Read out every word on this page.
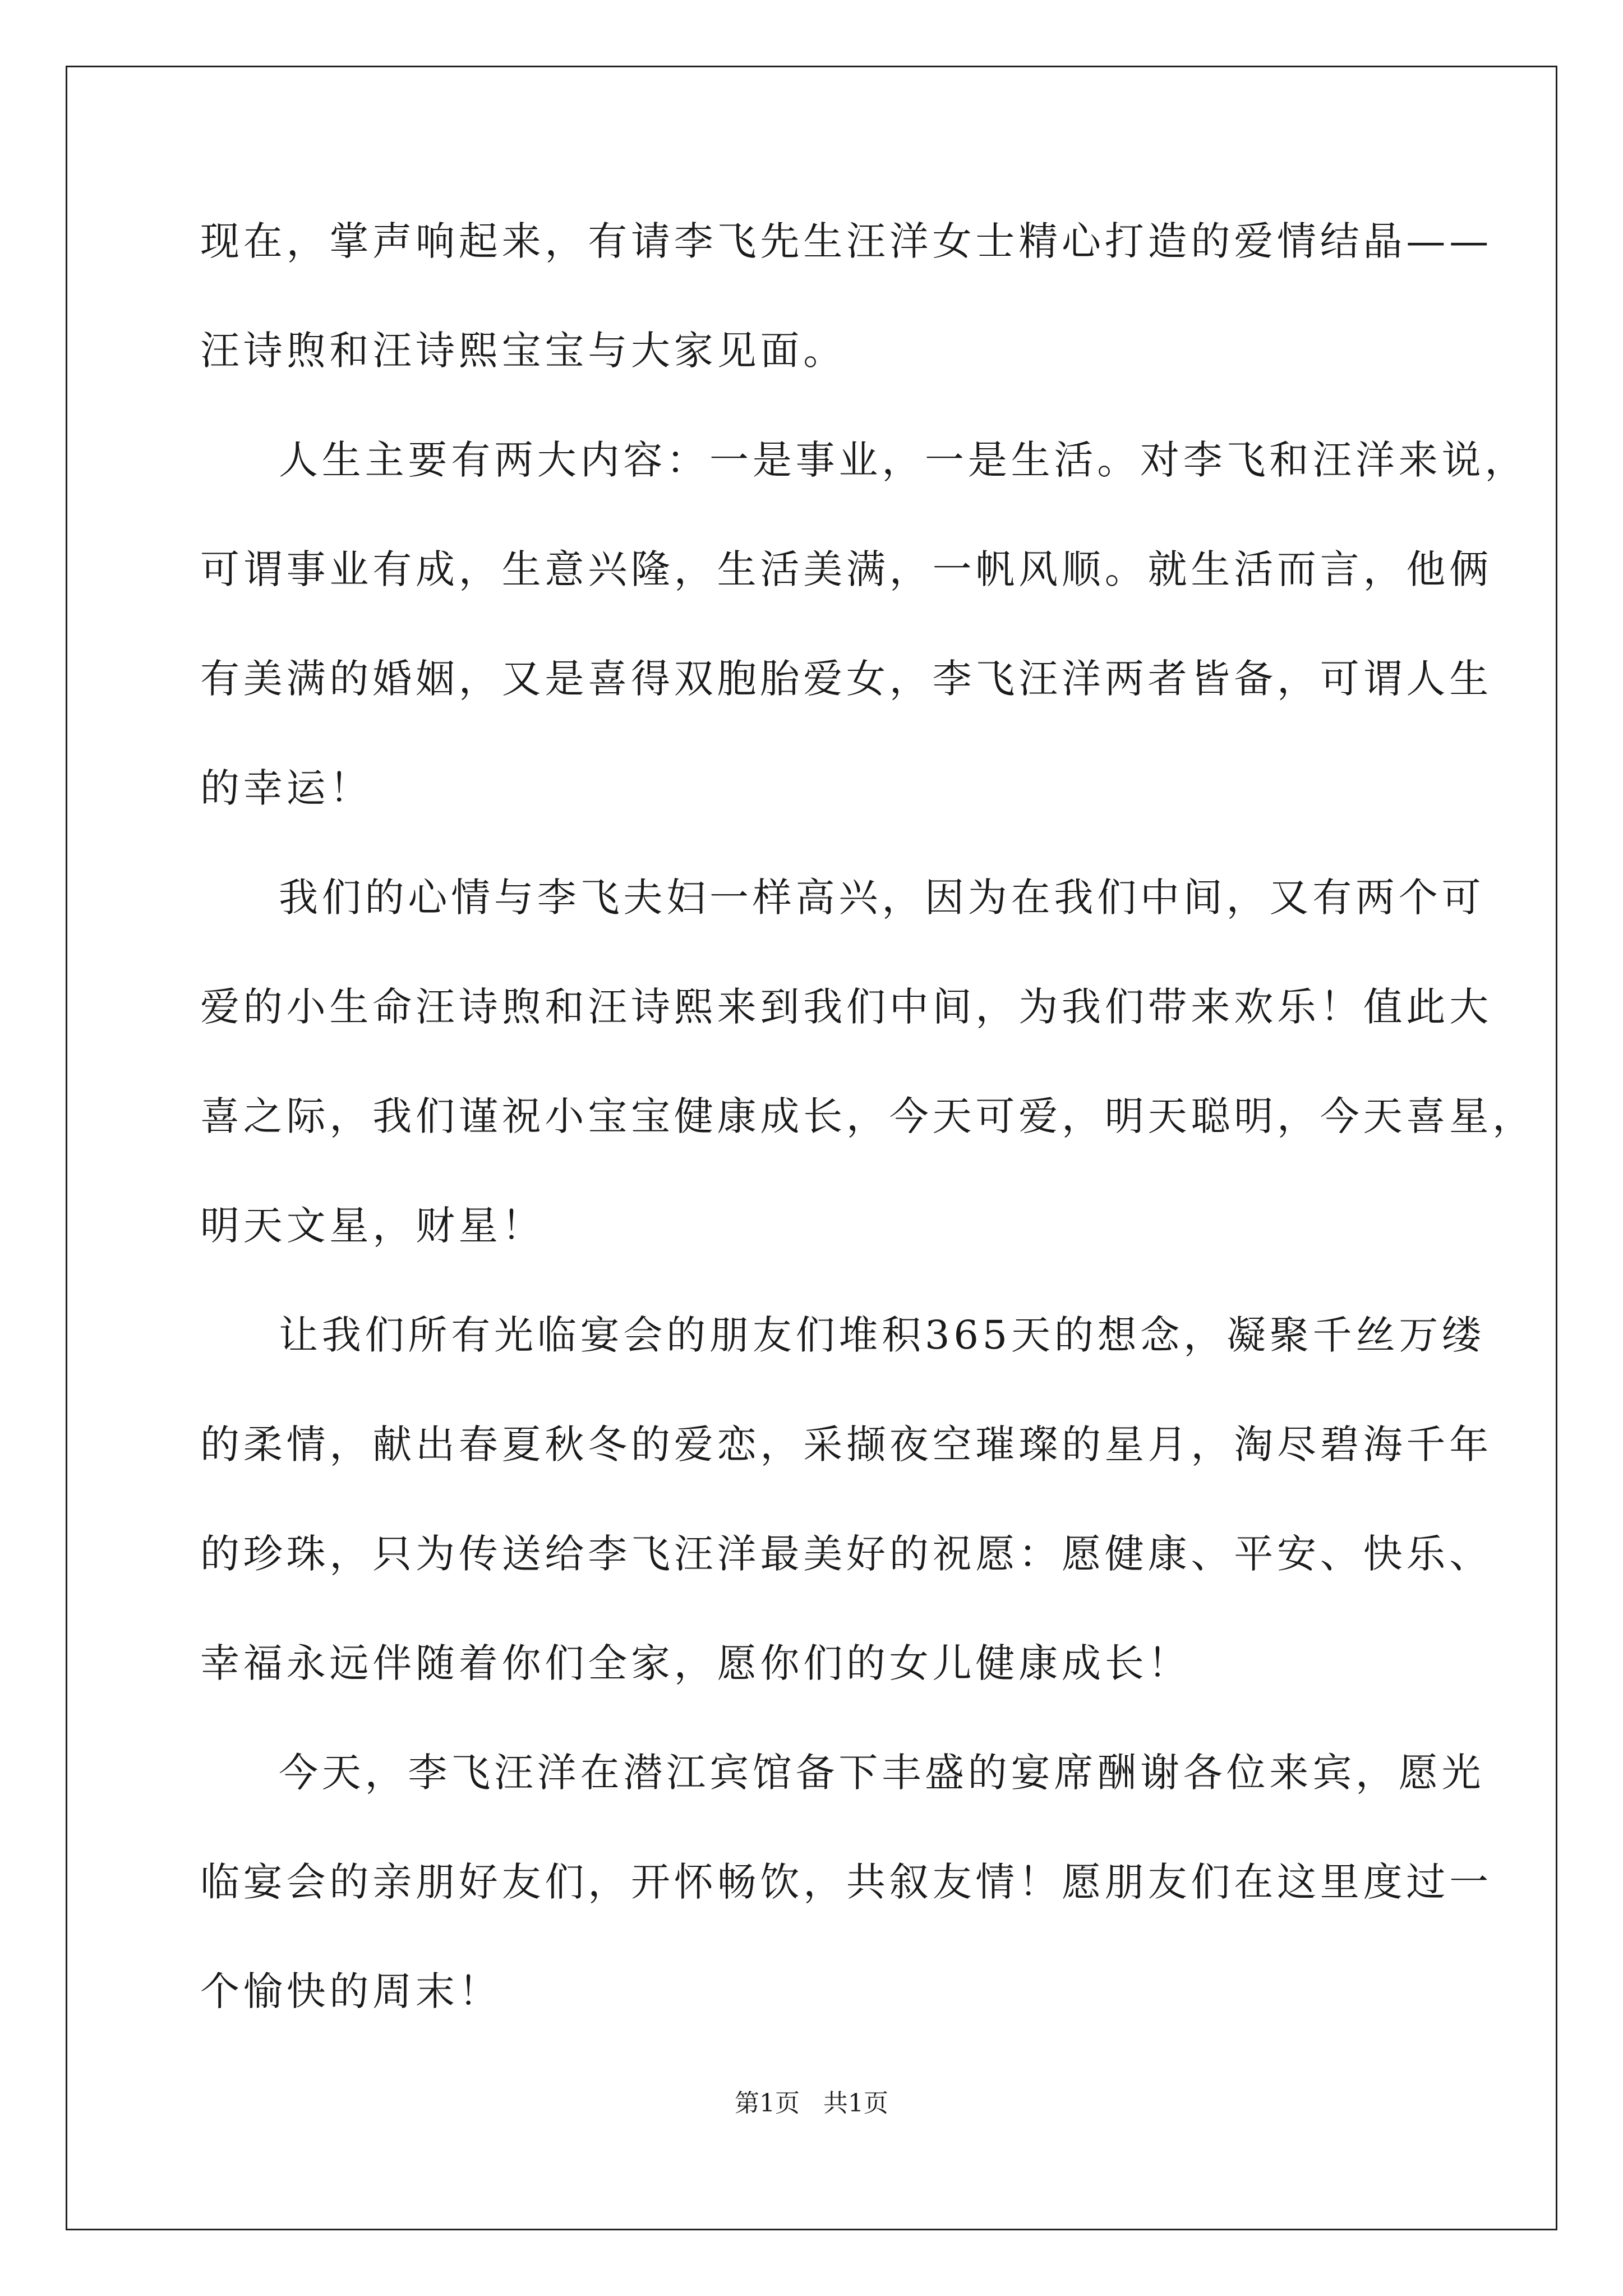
现在，掌声响起来，有请李飞先生汪洋女士精心打造的爱情结晶——
汪诗煦和汪诗熙宝宝与大家见面。
人生主要有两大内容：一是事业，一是生活。对李飞和汪洋来说，
可谓事业有成，生意兴隆，生活美满，一帆风顺。就生活而言，他俩
有美满的婚姻，又是喜得双胞胎爱女，李飞汪洋两者皆备，可谓人生
的幸运！
我们的心情与李飞夫妇一样高兴，因为在我们中间，又有两个可
爱的小生命汪诗煦和汪诗熙来到我们中间，为我们带来欢乐！值此大
喜之际，我们谨祝小宝宝健康成长，今天可爱，明天聪明，今天喜星，
明天文星，财星！
让我们所有光临宴会的朋友们堆积365天的想念，凝聚千丝万缕
的柔情，献出春夏秋冬的爱恋，采撷夜空璀璨的星月，淘尽碧海千年
的珍珠，只为传送给李飞汪洋最美好的祝愿：愿健康、平安、快乐、
幸福永远伴随着你们全家，愿你们的女儿健康成长！
今天，李飞汪洋在潜江宾馆备下丰盛的宴席酬谢各位来宾，愿光
临宴会的亲朋好友们，开怀畅饮，共叙友情！愿朋友们在这里度过一
个愉快的周末！
第1页   共1页
